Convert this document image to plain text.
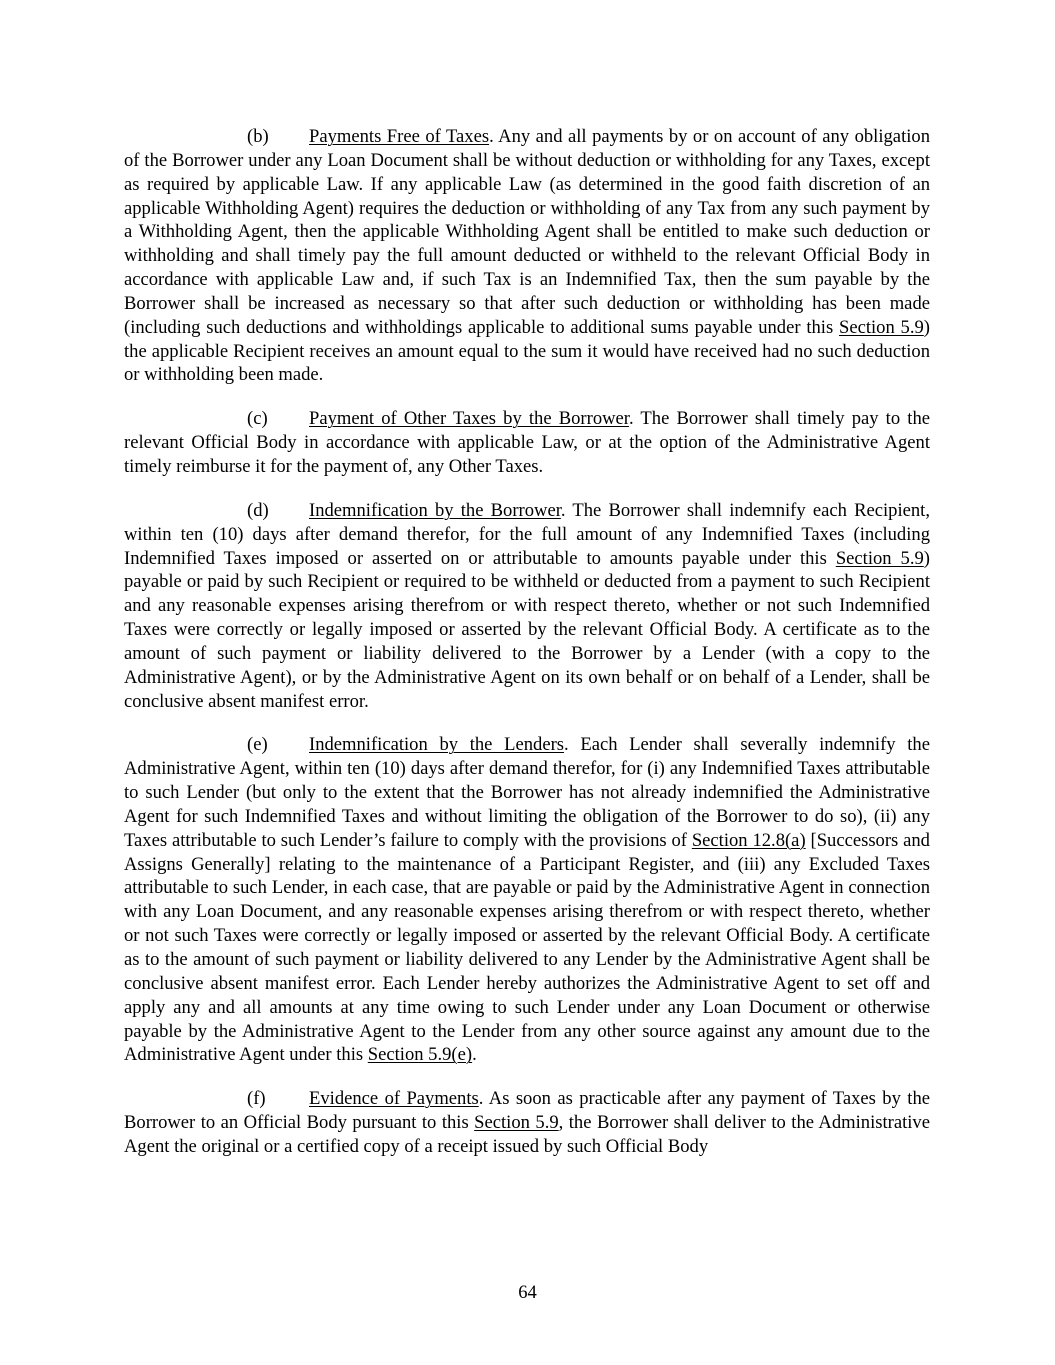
(b) Payments Free of Taxes. Any and all payments by or on account of any obligation of the Borrower under any Loan Document shall be without deduction or withholding for any Taxes, except as required by applicable Law. If any applicable Law (as determined in the good faith discretion of an applicable Withholding Agent) requires the deduction or withholding of any Tax from any such payment by a Withholding Agent, then the applicable Withholding Agent shall be entitled to make such deduction or withholding and shall timely pay the full amount deducted or withheld to the relevant Official Body in accordance with applicable Law and, if such Tax is an Indemnified Tax, then the sum payable by the Borrower shall be increased as necessary so that after such deduction or withholding has been made (including such deductions and withholdings applicable to additional sums payable under this Section 5.9) the applicable Recipient receives an amount equal to the sum it would have received had no such deduction or withholding been made.

(c) Payment of Other Taxes by the Borrower. The Borrower shall timely pay to the relevant Official Body in accordance with applicable Law, or at the option of the Administrative Agent timely reimburse it for the payment of, any Other Taxes.

(d) Indemnification by the Borrower. The Borrower shall indemnify each Recipient, within ten (10) days after demand therefor, for the full amount of any Indemnified Taxes (including Indemnified Taxes imposed or asserted on or attributable to amounts payable under this Section 5.9) payable or paid by such Recipient or required to be withheld or deducted from a payment to such Recipient and any reasonable expenses arising therefrom or with respect thereto, whether or not such Indemnified Taxes were correctly or legally imposed or asserted by the relevant Official Body. A certificate as to the amount of such payment or liability delivered to the Borrower by a Lender (with a copy to the Administrative Agent), or by the Administrative Agent on its own behalf or on behalf of a Lender, shall be conclusive absent manifest error.

(e) Indemnification by the Lenders. Each Lender shall severally indemnify the Administrative Agent, within ten (10) days after demand therefor, for (i) any Indemnified Taxes attributable to such Lender (but only to the extent that the Borrower has not already indemnified the Administrative Agent for such Indemnified Taxes and without limiting the obligation of the Borrower to do so), (ii) any Taxes attributable to such Lender’s failure to comply with the provisions of Section 12.8(a) [Successors and Assigns Generally] relating to the maintenance of a Participant Register, and (iii) any Excluded Taxes attributable to such Lender, in each case, that are payable or paid by the Administrative Agent in connection with any Loan Document, and any reasonable expenses arising therefrom or with respect thereto, whether or not such Taxes were correctly or legally imposed or asserted by the relevant Official Body. A certificate as to the amount of such payment or liability delivered to any Lender by the Administrative Agent shall be conclusive absent manifest error. Each Lender hereby authorizes the Administrative Agent to set off and apply any and all amounts at any time owing to such Lender under any Loan Document or otherwise payable by the Administrative Agent to the Lender from any other source against any amount due to the Administrative Agent under this Section 5.9(e).

(f) Evidence of Payments. As soon as practicable after any payment of Taxes by the Borrower to an Official Body pursuant to this Section 5.9, the Borrower shall deliver to the Administrative Agent the original or a certified copy of a receipt issued by such Official Body

64
